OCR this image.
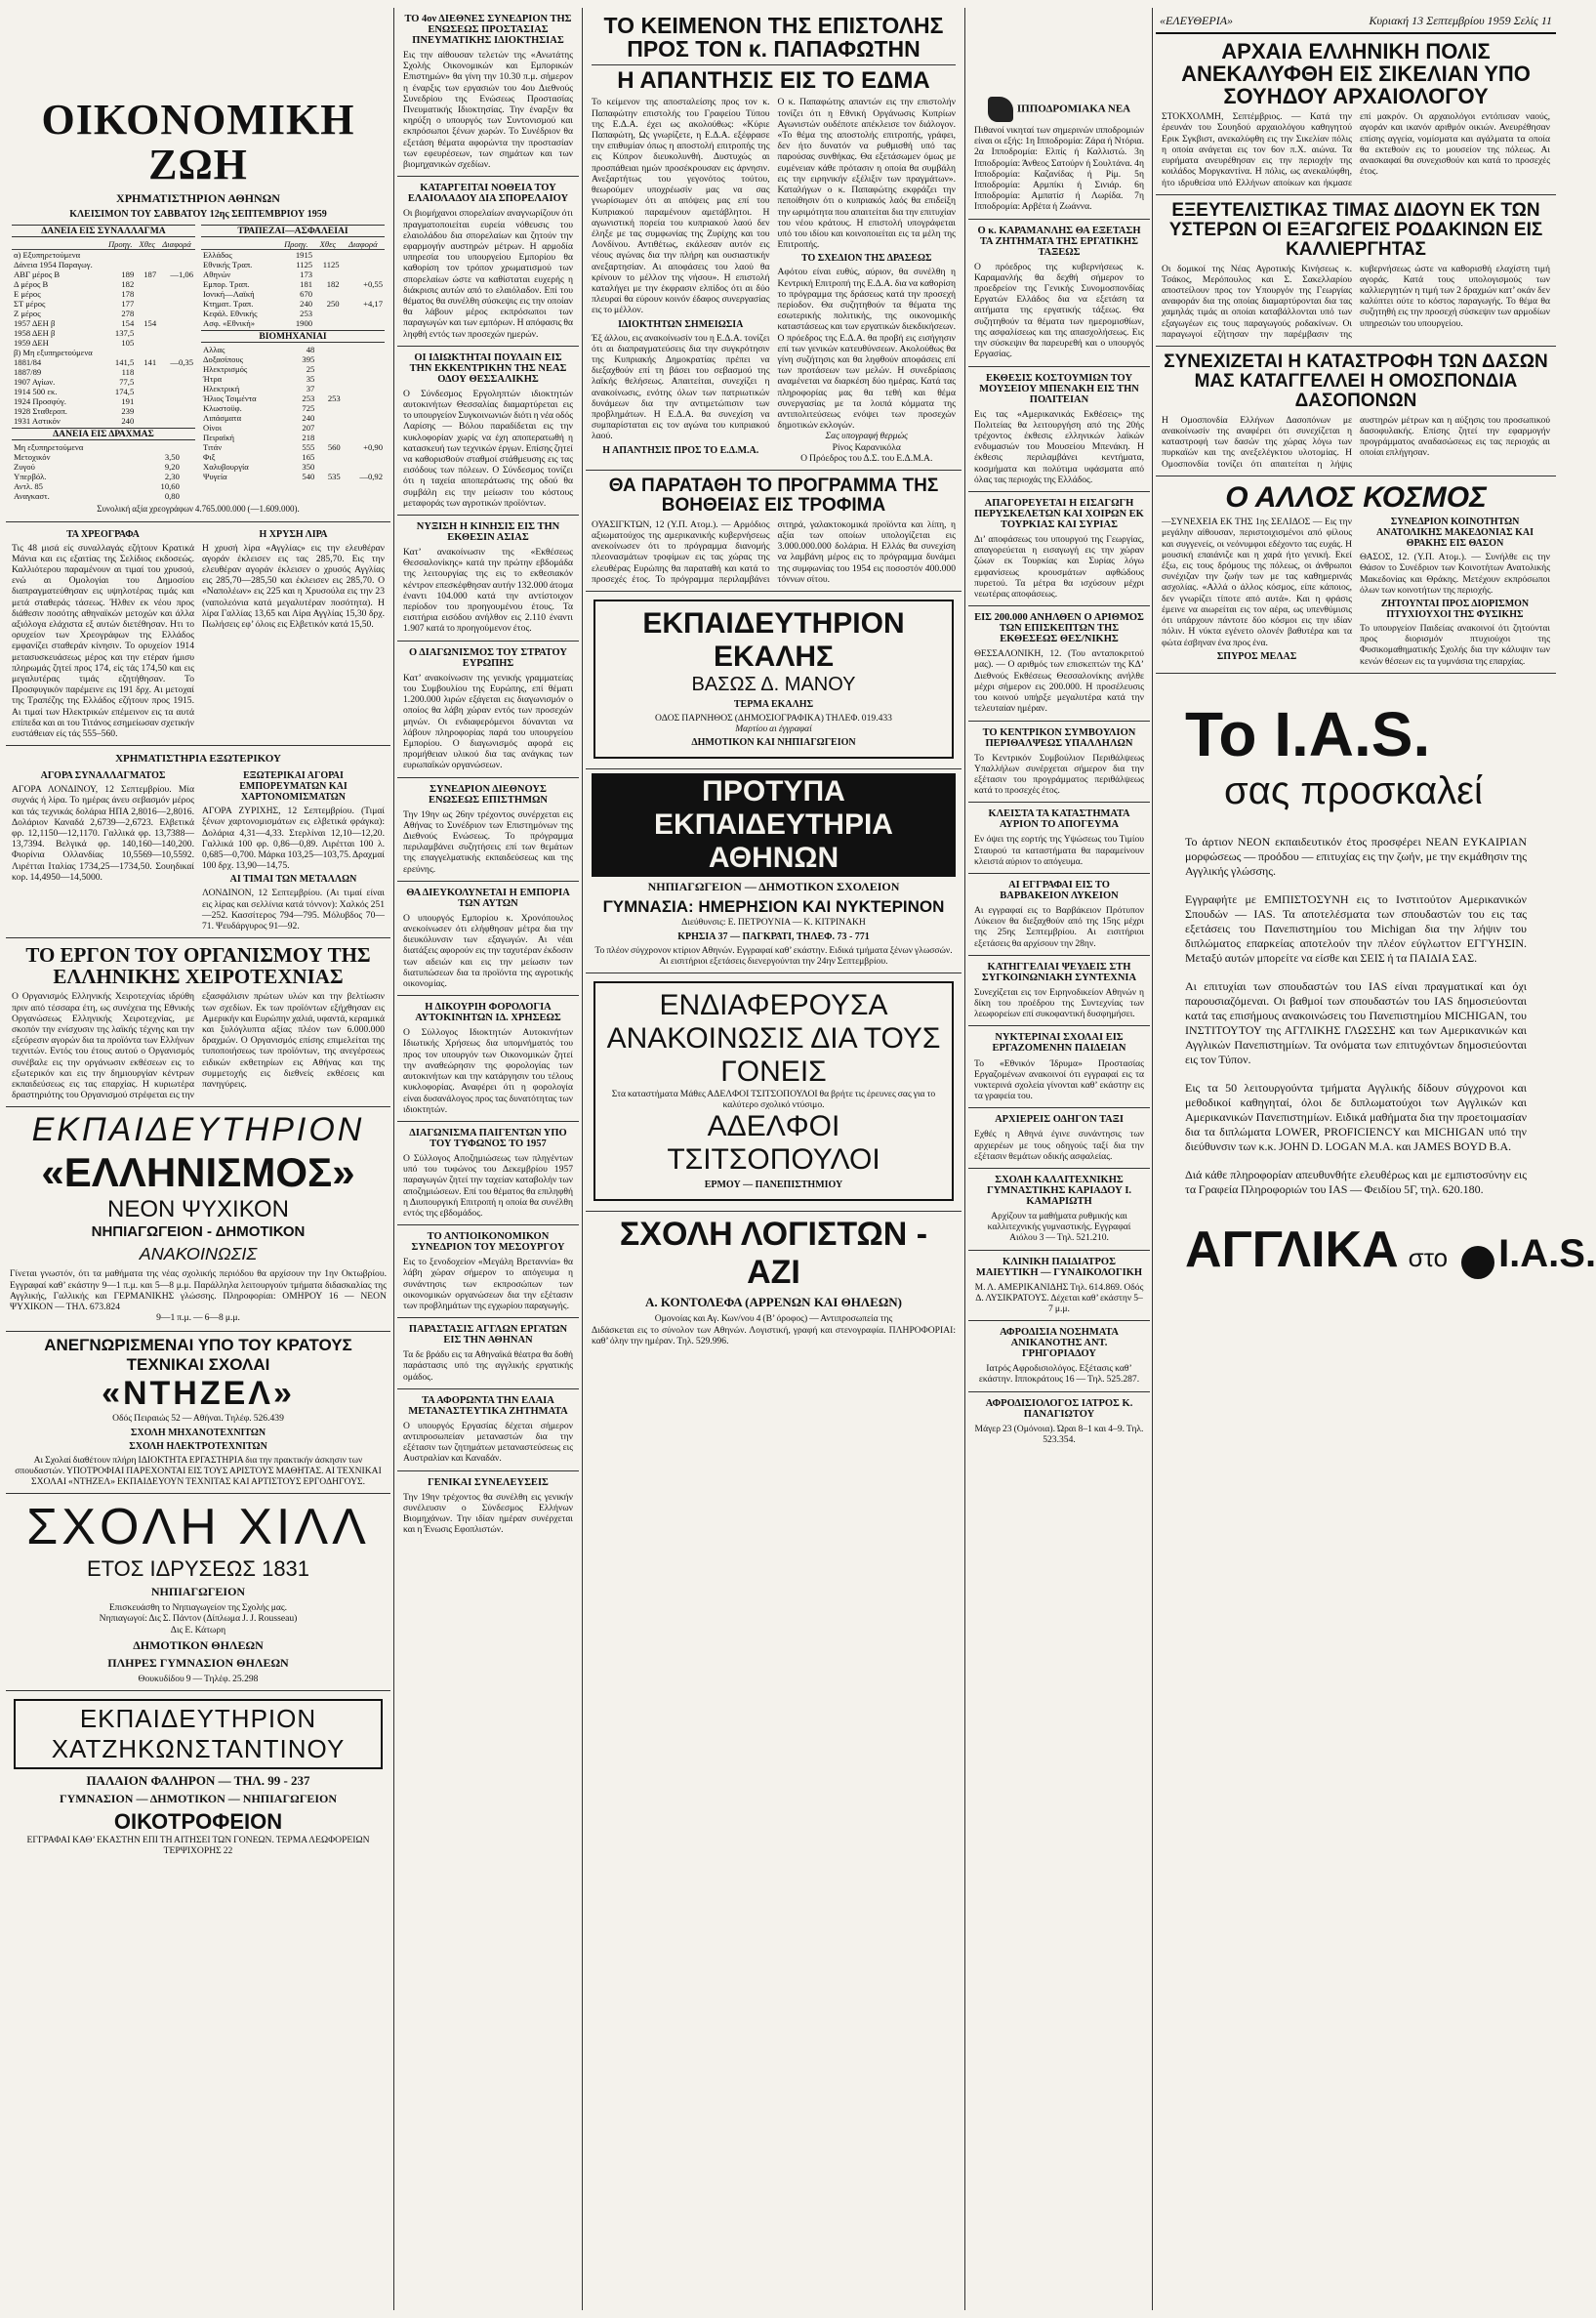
ΟΙΚΟΝΟΜΙΚΗ ΖΩΗ
ΧΡΗΜΑΤΙΣΤΗΡΙΟΝ ΑΘΗΝΩΝ
ΚΛΕΙΣΙΜΟΝ ΤΟΥ ΣΑΒΒΑΤΟΥ 12ης ΣΕΠΤΕΜΒΡΙΟΥ 1959
ΔΑΝΕΙΑ ΕΙΣ ΣΥΝΑΛΛΑΓΜΑ
	Προηγ.	Χθες	Διαφορά
α) Εξυπηρετούμενα			
Δάνεια 1954 Παραγωγ.			
ΑΒΓ μέρος Β	189	187	—1,06
Δ μέρος Β	182		
Ε μέρος	178		
ΣΤ μέρος	177		
Ζ μέρος	278		
1957 ΔΕΗ β	154	154	
1958 ΔΕΗ β	137,5		
1959 ΔΕΗ	105		
β) Μη εξυπηρετούμενα			
1881/84	141,5	141	—0,35
1887/89	118		
1907 Αγίων.	77,5		
1914 500 εκ.	174,5		
1924 Προσφύγ.	191		
1928 Σταθεροπ.	239		
1931 Αστικόν	240		
ΔΑΝΕΙΑ ΕΙΣ ΔΡΑΧΜΑΣ
Μη εξυπηρετούμενα			
Μετοχικόν	3,50		
Ζυγού	9,20		
Υπερβόλ.	2,30		
Αντλ. 85	10,60		
Αναγκαστ.	0,80		
ΤΡΑΠΕΖΑΙ—ΑΣΦΑΛΕΙΑΙ
	Προηγ.	Χθες	Διαφορά
Ελλάδος	1915		
Εθνικής Τραπ.	1125	1125	
Αθηνών	173		
Εμπορ. Τραπ.	181	182	+0,55
Ιονική—Λαϊκή	670		
Κτηματ. Τραπ.	240	250	+4,17
Κεφάλ. Εθνικής	253		
Ασφ. «Εθνική»	1900		
ΒΙΟΜΗΧΑΝΙΑΙ
Αλλας	48		
Δοξασίπους	395		
Ηλεκτρισμός	25		
Ήτρα	35		
Ηλεκτρική	37		
Ήλιος Τσιμέντα	253	253	
Κλωστοϋφ.	725		
Λιπάσματα	240		
Οίνοι	207		
Πειραϊκή	218		
Τιτάν	555	560	+0,90
Φιξ	165		
Χαλυβουργία	350		
Ψυγεία	540	535	—0,92
Συνολική αξία χρεογράφων 4.765.000.000 (—1.609.000).
ΤΑ ΧΡΕΟΓΡΑΦΑ

Τις 48 μισά είς συναλλαγάς εζήτουν Κρατικά Μάνια και εις εξαιτίας της Σελίδιος εκδοσεώς. Καλλιότερου παραμένουν αι τιμαί του χρυσού, ενώ αι Ομολογίαι του Δημοσίου διαπραγματεύθησαν εις υψηλοτέρας τιμάς και μετά σταθεράς τάσεως. Ήλθεν εκ νέου προς διάθεσιν ποσότης αθηναϊκών μετοχών και άλλα αξιόλογα ελάχιστα εξ αυτών διετέθησαν. Ητι το ορυχείον των Χρεογράφων της Ελλάδος εμφανίζει σταθεράν κίνησιν. Το ορυχείον 1914 μετασυσκευάσεως μέρος και την ετέραν ήμισυ πληρωμάς ζητεί προς 174, είς τάς 174,50 και εις μεγαλυτέρας τιμάς εζητήθησαν. Το Προσφυγικόν παρέμεινε εις 191 δρχ. Αι μετοχαί της Τραπέζης της Ελλάδος εζήτουν προς 1915. Αι τιμαί των Ηλεκτρικών επέμεινον εις τα αυτά επίπεδα και αι του Τιτάνος εσημείωσαν σχετικήν ευστάθειαν είς τάς 555–560.

Η ΧΡΥΣΗ ΛΙΡΑ

Η χρυσή λίρα «Αγγλίας» εις την ελευθέραν αγοράν έκλεισεν εις τας 285,70. Εις την ελευθέραν αγοράν έκλεισεν ο χρυσός Αγγλίας εις 285,70—285,50 και έκλεισεν εις 285,70. Ο «Ναπολέων» εις 225 και η Χρυσούλα εις την 23 (ναπολεόνια κατά μεγαλυτέραν ποσότητα). Η λίρα Γαλλίας 13,65 και Λίρα Αγγλίας 15,30 δρχ. Πωλήσεις εφ’ όλοις εις Ελβετικόν κατά 15,50.

ΧΡΗΜΑΤΙΣΤΗΡΙΑ ΕΞΩΤΕΡΙΚΟΥ
ΑΓΟΡΑ ΣΥΝΑΛΛΑΓΜΑΤΟΣ

ΑΓΟΡΑ ΛΟΝΔΙΝΟΥ, 12 Σεπτεμβρίου. Μία συχνάς ή λίρα. Το ημέρας άνευ σεβασμόν μέρος και τάς τεχνικάς δολάρια ΗΠΑ 2,8016—2,8016. Δολάριον Καναδά 2,6739—2,6723. Ελβετικά φρ. 12,1150—12,1170. Γαλλικά φρ. 13,7388—13,7394. Βελγικά φρ. 140,160—140,200. Φιορίνια Ολλανδίας 10,5569—10,5592. Λιρέτται Ιταλίας 1734,25—1734,50. Σουηδικαί κορ. 14,4950—14,5000.

ΕΞΩΤΕΡΙΚΑΙ ΑΓΟΡΑΙ ΕΜΠΟΡΕΥΜΑΤΩΝ ΚΑΙ ΧΑΡΤΟΝΟΜΙΣΜΑΤΩΝ

ΑΓΟΡΑ ΖΥΡΙΧΗΣ, 12 Σεπτεμβρίου. (Τιμαί ξένων χαρτονομισμάτων εις ελβετικά φράγκα): Δολάρια 4,31—4,33. Στερλίναι 12,10—12,20. Γαλλικά 100 φρ. 0,86—0,89. Λιρέτται 100 λ. 0,685—0,700. Μάρκα 103,25—103,75. Δραχμαί 100 δρχ. 13,90—14,75.

ΑΙ ΤΙΜΑΙ ΤΩΝ ΜΕΤΑΛΛΩΝ

ΛΟΝΔΙΝΟΝ, 12 Σεπτεμβρίου. (Αι τιμαί είναι εις λίρας και σελλίνια κατά τόννον): Χαλκός 251—252. Κασσίτερος 794—795. Μόλυβδος 70—71. Ψευδάργυρος 91—92.

ΤΟ ΕΡΓΟΝ ΤΟΥ ΟΡΓΑΝΙΣΜΟΥ ΤΗΣ ΕΛΛΗΝΙΚΗΣ ΧΕΙΡΟΤΕΧΝΙΑΣ

Ο Οργανισμός Ελληνικής Χειροτεχνίας ιδρύθη πριν από τέσσαρα έτη, ως συνέχεια της Εθνικής Οργανώσεως Ελληνικής Χειροτεχνίας, με σκοπόν την ενίσχυσιν της λαϊκής τέχνης και την εξεύρεσιν αγορών δια τα προϊόντα των Ελλήνων τεχνιτών. Εντός του έτους αυτού ο Οργανισμός συνέβαλε εις την οργάνωσιν εκθέσεων εις το εξωτερικόν και εις την δημιουργίαν κέντρων εκπαιδεύσεως εις τας επαρχίας. Η κυριωτέρα δραστηριότης του Οργανισμού στρέφεται εις την εξασφάλισιν πρώτων υλών και την βελτίωσιν των σχεδίων. Εκ των προϊόντων εξήχθησαν εις Αμερικήν και Ευρώπην χαλιά, υφαντά, κεραμικά και ξυλόγλυπτα αξίας πλέον των 6.000.000 δραχμών. Ο Οργανισμός επίσης επιμελείται της τυποποιήσεως των προϊόντων, της ανεγέρσεως ειδικών εκθετηρίων εις Αθήνας και της συμμετοχής εις διεθνείς εκθέσεις και πανηγύρεις.

ΕΚΠΑΙΔΕΥΤΗΡΙΟΝ
«ΕΛΛΗΝΙΣΜΟΣ»
ΝΕΟΝ ΨΥΧΙΚΟΝ
ΝΗΠΙΑΓΩΓΕΙΟΝ - ΔΗΜΟΤΙΚΟΝ
ΑΝΑΚΟΙΝΩΣΙΣ

Γίνεται γνωστόν, ότι τα μαθήματα της νέας σχολικής περιόδου θα αρχίσουν την 1ην Οκτωβρίου. Εγγραφαί καθ’ εκάστην 9—1 π.μ. και 5—8 μ.μ. Παράλληλα λειτουργούν τμήματα διδασκαλίας της Αγγλικής, Γαλλικής και ΓΕΡΜΑΝΙΚΗΣ γλώσσης. Πληροφορίαι: ΟΜΗΡΟΥ 16 — ΝΕΟΝ ΨΥΧΙΚΟΝ — ΤΗΛ. 673.824

9—1 π.μ. — 6—8 μ.μ.
ΑΝΕΓΝΩΡΙΣΜΕΝΑΙ ΥΠΟ ΤΟΥ ΚΡΑΤΟΥΣ
ΤΕΧΝΙΚΑΙ ΣΧΟΛΑΙ
«ΝΤΗΖΕΛ»
Οδός Πειραιώς 52 — Αθήναι. Τηλέφ. 526.439
ΣΧΟΛΗ ΜΗΧΑΝΟΤΕΧΝΙΤΩΝ
ΣΧΟΛΗ ΗΛΕΚΤΡΟΤΕΧΝΙΤΩΝ

Αι Σχολαί διαθέτουν πλήρη ΙΔΙΟΚΤΗΤΑ ΕΡΓΑΣΤΗΡΙΑ δια την πρακτικήν άσκησιν των σπουδαστών. ΥΠΟΤΡΟΦΙΑΙ ΠΑΡΕΧΟΝΤΑΙ ΕΙΣ ΤΟΥΣ ΑΡΙΣΤΟΥΣ ΜΑΘΗΤΑΣ. ΑΙ ΤΕΧΝΙΚΑΙ ΣΧΟΛΑΙ «ΝΤΗΖΕΛ» ΕΚΠΑΙΔΕΥΟΥΝ ΤΕΧΝΙΤΑΣ ΚΑΙ ΑΡΤΙΣΤΟΥΣ ΕΡΓΟΔΗΓΟΥΣ.

ΣΧΟΛΗ ΧΙΛΛ
ΕΤΟΣ ΙΔΡΥΣΕΩΣ 1831
ΝΗΠΙΑΓΩΓΕΙΟΝ
Επισκευάσθη το Νηπιαγωγείον της Σχολής μας.
Νηπιαγωγοί: Δις Σ. Πάντον (Δίπλωμα J. J. Rousseau)
Δις Ε. Κάτωρη
ΔΗΜΟΤΙΚΟΝ ΘΗΛΕΩΝ
ΠΛΗΡΕΣ ΓΥΜΝΑΣΙΟΝ ΘΗΛΕΩΝ
Θουκυδίδου 9 — Τηλέφ. 25.298
ΕΚΠΑΙΔΕΥΤΗΡΙΟΝ ΧΑΤΖΗΚΩΝΣΤΑΝΤΙΝΟΥ
ΠΑΛΑΙΟΝ ΦΑΛΗΡΟΝ — ΤΗΛ. 99 - 237
ΓΥΜΝΑΣΙΟΝ — ΔΗΜΟΤΙΚΟΝ — ΝΗΠΙΑΓΩΓΕΙΟΝ
ΟΙΚΟΤΡΟΦΕΙΟΝ
ΕΓΓΡΑΦΑΙ ΚΑΘ’ ΕΚΑΣΤΗΝ ΕΠΙ ΤΗ ΑΙΤΗΣΕΙ ΤΩΝ ΓΟΝΕΩΝ. ΤΕΡΜΑ ΛΕΩΦΟΡΕΙΩΝ ΤΕΡΨΙΧΟΡΗΣ 22
ΤΟ 4ον ΔΙΕΘΝΕΣ ΣΥΝΕΔΡΙΟΝ ΤΗΣ ΕΝΩΣΕΩΣ ΠΡΟΣΤΑΣΙΑΣ ΠΝΕΥΜΑΤΙΚΗΣ ΙΔΙΟΚΤΗΣΙΑΣ

Εις την αίθουσαν τελετών της «Ανωτάτης Σχολής Οικονομικών και Εμπορικών Επιστημών» θα γίνη την 10.30 π.μ. σήμερον η έναρξις των εργασιών του 4ου Διεθνούς Συνεδρίου της Ενώσεως Προστασίας Πνευματικής Ιδιοκτησίας. Την έναρξιν θα κηρύξη ο υπουργός των Συντονισμού και εκπρόσωποι ξένων χωρών. Το Συνέδριον θα εξετάση θέματα αφορώντα την προστασίαν των εφευρέσεων, των σημάτων και των βιομηχανικών σχεδίων.

ΚΑΤΑΡΓΕΙΤΑΙ ΝΟΘΕΙΑ ΤΟΥ ΕΛΑΙΟΛΑΔΟΥ ΔΙΑ ΣΠΟΡΕΛΑΙΟΥ

Οι βιομήχανοι σπορελαίων αναγνωρίζουν ότι πραγματοποιείται ευρεία νόθευσις του ελαιολάδου δια σπορελαίων και ζητούν την εφαρμογήν αυστηρών μέτρων. Η αρμοδία υπηρεσία του υπουργείου Εμπορίου θα καθορίση τον τρόπον χρωματισμού των σπορελαίων ώστε να καθίσταται ευχερής η διάκρισις αυτών από το ελαιόλαδον. Επί του θέματος θα συνέλθη σύσκεψις εις την οποίαν θα λάβουν μέρος εκπρόσωποι των παραγωγών και των εμπόρων. Η απόφασις θα ληφθή εντός των προσεχών ημερών.

ΟΙ ΙΔΙΩΚΤΗΤΑΙ ΠΟΥΛΑΙΝ ΕΙΣ ΤΗΝ ΕΚΚΕΝΤΡΙΚΗΝ ΤΗΣ ΝΕΑΣ ΟΔΟΥ ΘΕΣΣΑΛΙΚΗΣ

Ο Σύνδεσμος Εργοληπτών ιδιοκτητών αυτοκινήτων Θεσσαλίας διαμαρτύρεται εις το υπουργείον Συγκοινωνιών διότι η νέα οδός Λαρίσης — Βόλου παραδίδεται εις την κυκλοφορίαν χωρίς να έχη αποπερατωθή η κατασκευή των τεχνικών έργων. Επίσης ζητεί να καθορισθούν σταθμοί στάθμευσης εις τας εισόδους των πόλεων. Ο Σύνδεσμος τονίζει ότι η ταχεία αποπεράτωσις της οδού θα συμβάλη εις την μείωσιν του κόστους μεταφοράς των αγροτικών προϊόντων.

ΝΥΞΙΣΗ Η ΚΙΝΗΣΙΣ ΕΙΣ ΤΗΝ ΕΚΘΕΣΙΝ ΑΣΙΑΣ

Κατ’ ανακοίνωσιν της «Εκθέσεως Θεσσαλονίκης» κατά την πρώτην εβδομάδα της λειτουργίας της εις το εκθεσιακόν κέντρον επεσκέφθησαν αυτήν 132.000 άτομα έναντι 104.000 κατά την αντίστοιχον περίοδον του προηγουμένου έτους. Τα εισιτήρια εισόδου ανήλθον εις 2.110 έναντι 1.907 κατά το προηγούμενον έτος.

Ο ΔΙΑΓΩΝΙΣΜΟΣ ΤΟΥ ΣΤΡΑΤΟΥ ΕΥΡΩΠΗΣ

Κατ’ ανακοίνωσιν της γενικής γραμματείας του Συμβουλίου της Ευρώπης, επί θέματι 1.200.000 λιρών εξάγεται εις διαγωνισμόν ο οποίος θα λάβη χώραν εντός των προσεχών μηνών. Οι ενδιαφερόμενοι δύνανται να λάβουν πληροφορίας παρά του υπουργείου Εμπορίου. Ο διαγωνισμός αφορά εις προμήθειαν υλικού δια τας ανάγκας των ευρωπαϊκών οργανώσεων.

ΣΥΝΕΔΡΙΟΝ ΔΙΕΘΝΟΥΣ ΕΝΩΣΕΩΣ ΕΠΙΣΤΗΜΩΝ

Την 19ην ως 26ην τρέχοντος συνέρχεται εις Αθήνας το Συνέδριον των Επιστημόνων της Διεθνούς Ενώσεως. Το πρόγραμμα περιλαμβάνει συζητήσεις επί των θεμάτων της επαγγελματικής εκπαιδεύσεως και της ερεύνης.

ΘΑ ΔΙΕΥΚΟΛΥΝΕΤΑΙ Η ΕΜΠΟΡΙΑ ΤΩΝ ΑΥΤΩΝ

Ο υπουργός Εμπορίου κ. Χρονόπουλος ανεκοίνωσεν ότι ελήφθησαν μέτρα δια την διευκόλυνσιν των εξαγωγών. Αι νέαι διατάξεις αφορούν εις την ταχυτέραν έκδοσιν των αδειών και εις την μείωσιν των διατυπώσεων δια τα προϊόντα της αγροτικής οικονομίας.

Η ΔΙΚΟΥΡΙΗ ΦΟΡΟΛΟΓΙΑ ΑΥΤΟΚΙΝΗΤΩΝ ΙΔ. ΧΡΗΣΕΩΣ

Ο Σύλλογος Ιδιοκτητών Αυτοκινήτων Ιδιωτικής Χρήσεως δια υπομνήματός του προς τον υπουργόν των Οικονομικών ζητεί την αναθεώρησιν της φορολογίας των αυτοκινήτων και την κατάργησιν του τέλους κυκλοφορίας. Αναφέρει ότι η φορολογία είναι δυσανάλογος προς τας δυνατότητας των ιδιοκτητών.

ΔΙΑΓΩΝΙΣΜΑ ΠΑΙΓΕΝΤΩΝ ΥΠΟ ΤΟΥ ΤΥΦΩΝΟΣ ΤΟ 1957

Ο Σύλλογος Αποζημιώσεως των πληγέντων υπό του τυφώνος του Δεκεμβρίου 1957 παραγωγών ζητεί την ταχείαν καταβολήν των αποζημιώσεων. Επί του θέματος θα επιληφθή η Διυπουργική Επιτροπή η οποία θα συνέλθη εντός της εβδομάδος.

ΤΟ ΑΝΤΙΟΙΚΟΝΟΜΙΚΟΝ ΣΥΝΕΔΡΙΟΝ ΤΟΥ ΜΕΣΟΥΡΓΟΥ

Εις το ξενοδοχείον «Μεγάλη Βρεταννία» θα λάβη χώραν σήμερον το απόγευμα η συνάντησις των εκπροσώπων των οικονομικών οργανώσεων δια την εξέτασιν των προβλημάτων της εγχωρίου παραγωγής.

ΠΑΡΑΣΤΑΣΙΣ ΑΓΓΛΩΝ ΕΡΓΑΤΩΝ ΕΙΣ ΤΗΝ ΑΘΗΝΑΝ

Τα δε βράδυ εις τα Αθηναϊκά θέατρα θα δοθή παράστασις υπό της αγγλικής εργατικής ομάδος.

ΤΑ ΑΦΟΡΩΝΤΑ ΤΗΝ ΕΛΑΙΑ ΜΕΤΑΝΑΣΤΕΥΤΙΚΑ ΖΗΤΗΜΑΤΑ

Ο υπουργός Εργασίας δέχεται σήμερον αντιπροσωπείαν μεταναστών δια την εξέτασιν των ζητημάτων μεταναστεύσεως εις Αυστραλίαν και Καναδάν.

ΓΕΝΙΚΑΙ ΣΥΝΕΛΕΥΣΕΙΣ

Την 19ην τρέχοντος θα συνέλθη εις γενικήν συνέλευσιν ο Σύνδεσμος Ελλήνων Βιομηχάνων. Την ιδίαν ημέραν συνέρχεται και η Ένωσις Εφοπλιστών.

ΤΟ ΚΕΙΜΕΝΟΝ ΤΗΣ ΕΠΙΣΤΟΛΗΣ ΠΡΟΣ ΤΟΝ κ. ΠΑΠΑΦΩΤΗΝ
Η ΑΠΑΝΤΗΣΙΣ ΕΙΣ ΤΟ ΕΔΜΑ

Το κείμενον της αποσταλείσης προς τον κ. Παπαφώτην επιστολής του Γραφείου Τύπου της Ε.Δ.Α. έχει ως ακολούθως: «Κύριε Παπαφώτη, Ως γνωρίζετε, η Ε.Δ.Α. εξέφρασε την επιθυμίαν όπως η αποστολή επιτροπής της εις Κύπρον διευκολυνθή. Δυστυχώς αι προσπάθειαι ημών προσέκρουσαν εις άρνησιν. Ανεξαρτήτως του γεγονότος τούτου, θεωρούμεν υποχρέωσίν μας να σας γνωρίσωμεν ότι αι απόψεις μας επί του Κυπριακού παραμένουν αμετάβλητοι. Η αγωνιστική πορεία του κυπριακού λαού δεν έληξε με τας συμφωνίας της Ζυρίχης και του Λονδίνου. Αντιθέτως, εκάλεσαν αυτόν εις νέους αγώνας δια την πλήρη και ουσιαστικήν ανεξαρτησίαν. Αι αποφάσεις του λαού θα κρίνουν το μέλλον της νήσου». Η επιστολή καταλήγει με την έκφρασιν ελπίδος ότι αι δύο πλευραί θα εύρουν κοινόν έδαφος συνεργασίας εις το μέλλον.

ΙΔΙΟΚΤΗΤΩΝ ΣΗΜΕΙΩΣΙΑ

Έξ άλλου, εις ανακοίνωσίν του η Ε.Δ.Α. τονίζει ότι αι διαπραγματεύσεις δια την συγκρότησιν της Κυπριακής Δημοκρατίας πρέπει να διεξαχθούν επί τη βάσει του σεβασμού της λαϊκής θελήσεως. Απαιτείται, συνεχίζει η ανακοίνωσις, ενότης όλων των πατριωτικών δυνάμεων δια την αντιμετώπισιν των προβλημάτων. Η Ε.Δ.Α. θα συνεχίση να συμπαρίσταται εις τον αγώνα του κυπριακού λαού.

Η ΑΠΑΝΤΗΣΙΣ ΠΡΟΣ ΤΟ Ε.Δ.Μ.Α.

Ο κ. Παπαφώτης απαντών εις την επιστολήν τονίζει ότι η Εθνική Οργάνωσις Κυπρίων Αγωνιστών ουδέποτε απέκλεισε τον διάλογον. «Το θέμα της αποστολής επιτροπής, γράφει, δεν ήτο δυνατόν να ρυθμισθή υπό τας παρούσας συνθήκας. Θα εξετάσωμεν όμως με ευμένειαν κάθε πρότασιν η οποία θα συμβάλη εις την ειρηνικήν εξέλιξιν των πραγμάτων». Καταλήγων ο κ. Παπαφώτης εκφράζει την πεποίθησιν ότι ο κυπριακός λαός θα επιδείξη την ωριμότητα που απαιτείται δια την επιτυχίαν του νέου κράτους. Η επιστολή υπογράφεται υπό του ιδίου και κοινοποιείται εις τα μέλη της Επιτροπής.

ΤΟ ΣΧΕΔΙΟΝ ΤΗΣ ΔΡΑΣΕΩΣ

Αφότου είναι ευθύς, αύριον, θα συνέλθη η Κεντρική Επιτροπή της Ε.Δ.Α. δια να καθορίση το πρόγραμμα της δράσεως κατά την προσεχή περίοδον. Θα συζητηθούν τα θέματα της εσωτερικής πολιτικής, της οικονομικής καταστάσεως και των εργατικών διεκδικήσεων. Ο πρόεδρος της Ε.Δ.Α. θα προβή εις εισήγησιν επί των γενικών κατευθύνσεων. Ακολούθως θα γίνη συζήτησις και θα ληφθούν αποφάσεις επί των προτάσεων των μελών. Η συνεδρίασις αναμένεται να διαρκέση δύο ημέρας. Κατά τας πληροφορίας μας θα τεθή και θέμα συνεργασίας με τα λοιπά κόμματα της αντιπολιτεύσεως ενόψει των προσεχών δημοτικών εκλογών.

Σας υπογραφή θερμώς
Ρίνος Καρανικόλα
Ο Πρόεδρος του Δ.Σ. του Ε.Δ.Μ.Α.
ΘΑ ΠΑΡΑΤΑΘΗ ΤΟ ΠΡΟΓΡΑΜΜΑ ΤΗΣ ΒΟΗΘΕΙΑΣ ΕΙΣ ΤΡΟΦΙΜΑ

ΟΥΑΣΙΓΚΤΩΝ, 12 (Υ.Π. Ατομ.). — Αρμόδιος αξιωματούχος της αμερικανικής κυβερνήσεως ανεκοίνωσεν ότι το πρόγραμμα διανομής πλεονασμάτων τροφίμων εις τας χώρας της ελευθέρας Ευρώπης θα παραταθή και κατά το προσεχές έτος. Το πρόγραμμα περιλαμβάνει σιτηρά, γαλακτοκομικά προϊόντα και λίπη, η αξία των οποίων υπολογίζεται εις 3.000.000.000 δολάρια. Η Ελλάς θα συνεχίση να λαμβάνη μέρος εις το πρόγραμμα δυνάμει της συμφωνίας του 1954 εις ποσοστόν 400.000 τόννων σίτου.

ΕΚΠΑΙΔΕΥΤΗΡΙΟΝ ΕΚΑΛΗΣ
ΒΑΣΩΣ Δ. ΜΑΝΟΥ
ΤΕΡΜΑ ΕΚΑΛΗΣ
ΟΔΟΣ ΠΑΡΝΗΘΟΣ (ΔΗΜΟΣΙΟΓΡΑΦΙΚΑ) ΤΗΛΕΦ. 019.433
Μαρτίου αι έγγραφαί
ΔΗΜΟΤΙΚΟΝ ΚΑΙ ΝΗΠΙΑΓΩΓΕΙΟΝ
ΠΡΟΤΥΠΑ ΕΚΠΑΙΔΕΥΤΗΡΙΑ ΑΘΗΝΩΝ
ΝΗΠΙΑΓΩΓΕΙΟΝ — ΔΗΜΟΤΙΚΟΝ ΣΧΟΛΕΙΟΝ
ΓΥΜΝΑΣΙΑ: ΗΜΕΡΗΣΙΟΝ ΚΑΙ ΝΥΚΤΕΡΙΝΟΝ
Διεύθυνσις: Ε. ΠΕΤΡΟΥΝΙΑ — Κ. ΚΙΤΡΙΝΑΚΗ
ΚΡΗΣΙΑ 37 — ΠΑΓΚΡΑΤΙ, ΤΗΛΕΦ. 73 - 771

Το πλέον σύγχρονον κτίριον Αθηνών. Εγγραφαί καθ’ εκάστην. Ειδικά τμήματα ξένων γλωσσών. Αι εισιτήριοι εξετάσεις διενεργούνται την 24ην Σεπτεμβρίου.

ΕΝΔΙΑΦΕΡΟΥΣΑ ΑΝΑΚΟΙΝΩΣΙΣ ΔΙΑ ΤΟΥΣ ΓΟΝΕΙΣ

Στα καταστήματα Μάθες ΑΔΕΛΦΟΙ ΤΣΙΤΣΟΠΟΥΛΟΙ θα βρήτε τις έρευνες σας για το καλύτερο σχολικό ντύσιμο.

ΑΔΕΛΦΟΙ ΤΣΙΤΣΟΠΟΥΛΟΙ
ΕΡΜΟΥ — ΠΑΝΕΠΙΣΤΗΜΙΟΥ
ΣΧΟΛΗ ΛΟΓΙΣΤΩΝ - ΑΖΙ
Α. ΚΟΝΤΟΛΕΦΑ (ΑΡΡΕΝΩΝ ΚΑΙ ΘΗΛΕΩΝ)
Ομονοίας και Αγ. Κων/νου 4 (Β’ όροφος) — Αντιπροσωπεία της

Διδάσκεται εις το σύνολον των Αθηνών. Λογιστική, γραφή και στενογραφία. ΠΛΗΡΟΦΟΡΙΑΙ: καθ’ όλην την ημέραν. Τηλ. 529.996.

ΙΠΠΟΔΡΟΜΙΑΚΑ ΝΕΑ

Πιθανοί νικηταί των σημερινών ιπποδρομιών είναι οι εξής: 1η Ιπποδρομία: Ζάρα ή Ντόρια. 2α Ιπποδρομία: Ελπίς ή Καλλιστώ. 3η Ιπποδρομία: Άνθεος Σατούρν ή Σουλτάνα. 4η Ιπποδρομία: Καζανίδας ή Ρίμ. 5η Ιπποδρομία: Αρμπίκι ή Σινιάρ. 6η Ιπποδρομία: Αμπατίσ ή Λωρίδα. 7η Ιπποδρομία: Αρβέτα ή Ζωάννα.

Ο κ. ΚΑΡΑΜΑΝΛΗΣ ΘΑ ΕΞΕΤΑΣΗ ΤΑ ΖΗΤΗΜΑΤΑ ΤΗΣ ΕΡΓΑΤΙΚΗΣ ΤΑΞΕΩΣ

Ο πρόεδρος της κυβερνήσεως κ. Καραμανλής θα δεχθή σήμερον το προεδρείον της Γενικής Συνομοσπονδίας Εργατών Ελλάδος δια να εξετάση τα αιτήματα της εργατικής τάξεως. Θα συζητηθούν τα θέματα των ημερομισθίων, της ασφαλίσεως και της απασχολήσεως. Εις την σύσκεψιν θα παρευρεθή και ο υπουργός Εργασίας.

ΕΚΘΕΣΙΣ ΚΟΣΤΟΥΜΙΩΝ ΤΟΥ ΜΟΥΣΕΙΟΥ ΜΠΕΝΑΚΗ ΕΙΣ ΤΗΝ ΠΟΛΙΤΕΙΑΝ

Εις τας «Αμερικανικάς Εκθέσεις» της Πολιτείας θα λειτουργήση από της 20ής τρέχοντος έκθεσις ελληνικών λαϊκών ενδυμασιών του Μουσείου Μπενάκη. Η έκθεσις περιλαμβάνει κεντήματα, κοσμήματα και πολύτιμα υφάσματα από όλας τας περιοχάς της Ελλάδος.

ΑΠΑΓΟΡΕΥΕΤΑΙ Η ΕΙΣΑΓΩΓΗ ΠΕΡΥΣΚΕΛΕΤΩΝ ΚΑΙ ΧΟΙΡΩΝ ΕΚ ΤΟΥΡΚΙΑΣ ΚΑΙ ΣΥΡΙΑΣ

Δι’ αποφάσεως του υπουργού της Γεωργίας, απαγορεύεται η εισαγωγή εις την χώραν ζώων εκ Τουρκίας και Συρίας λόγω εμφανίσεως κρουσμάτων αφθώδους πυρετού. Τα μέτρα θα ισχύσουν μέχρι νεωτέρας αποφάσεως.

ΕΙΣ 200.000 ΑΝΗΛΘΕΝ Ο ΑΡΙΘΜΟΣ ΤΩΝ ΕΠΙΣΚΕΠΤΩΝ ΤΗΣ ΕΚΘΕΣΕΩΣ ΘΕΣ/ΝΙΚΗΣ

ΘΕΣΣΑΛΟΝΙΚΗ, 12. (Του ανταποκριτού μας). — Ο αριθμός των επισκεπτών της ΚΔ’ Διεθνούς Εκθέσεως Θεσσαλονίκης ανήλθε μέχρι σήμερον εις 200.000. Η προσέλευσις του κοινού υπήρξε μεγαλυτέρα κατά την τελευταίαν ημέραν.

ΤΟ ΚΕΝΤΡΙΚΟΝ ΣΥΜΒΟΥΛΙΟΝ ΠΕΡΙΘΑΛΨΕΩΣ ΥΠΑΛΛΗΛΩΝ

Το Κεντρικόν Συμβούλιον Περιθάλψεως Υπαλλήλων συνέρχεται σήμερον δια την εξέτασιν του προγράμματος περιθάλψεως κατά το προσεχές έτος.

ΚΛΕΙΣΤΑ ΤΑ ΚΑΤΑΣΤΗΜΑΤΑ ΑΥΡΙΟΝ ΤΟ ΑΠΟΓΕΥΜΑ

Εν όψει της εορτής της Υψώσεως του Τιμίου Σταυρού τα καταστήματα θα παραμείνουν κλειστά αύριον το απόγευμα.

ΑΙ ΕΓΓΡΑΦΑΙ ΕΙΣ ΤΟ ΒΑΡΒΑΚΕΙΟΝ ΛΥΚΕΙΟΝ

Αι εγγραφαί εις το Βαρβάκειον Πρότυπον Λύκειον θα διεξαχθούν από της 15ης μέχρι της 25ης Σεπτεμβρίου. Αι εισιτήριοι εξετάσεις θα αρχίσουν την 28ην.

ΚΑΤΗΓΓΕΛΙΑΙ ΨΕΥΔΕΙΣ ΣΤΗ ΣΥΓΚΟΙΝΩΝΙΑΚΗ ΣΥΝΤΕΧΝΙΑ

Συνεχίζεται εις τον Ειρηνοδικείον Αθηνών η δίκη του προέδρου της Συντεχνίας των λεωφορείων επί συκοφαντική δυσφημήσει.

ΝΥΚΤΕΡΙΝΑΙ ΣΧΟΛΑΙ ΕΙΣ ΕΡΓΑΖΟΜΕΝΗΝ ΠΑΙΔΕΙΑΝ

Το «Εθνικόν Ίδρυμα» Προστασίας Εργαζομένων ανακοινοί ότι εγγραφαί εις τα νυκτερινά σχολεία γίνονται καθ’ εκάστην εις τα γραφεία του.

ΑΡΧΙΕΡΕΙΣ ΟΔΗΓΟΝ ΤΑΞΙ

Εχθές η Αθηνά έγινε συνάντησις των αρχιερέων με τους οδηγούς ταξί δια την εξέτασιν θεμάτων οδικής ασφαλείας.

ΣΧΟΛΗ ΚΑΛΛΙΤΕΧΝΙΚΗΣ ΓΥΜΝΑΣΤΙΚΗΣ ΚΑΡΙΑΔΟΥ Ι. ΚΑΜΑΡΙΩΤΗ

Αρχίζουν τα μαθήματα ρυθμικής και καλλιτεχνικής γυμναστικής. Εγγραφαί Αιόλου 3 — Τηλ. 521.210.

ΚΛΙΝΙΚΗ ΠΑΙΔΙΑΤΡΟΣ ΜΑΙΕΥΤΙΚΗ — ΓΥΝΑΙΚΟΛΟΓΙΚΗ

Μ. Λ. ΑΜΕΡΙΚΑΝΙΔΗΣ Τηλ. 614.869. Οδός Δ. ΛΥΣΙΚΡΑΤΟΥΣ. Δέχεται καθ’ εκάστην 5–7 μ.μ.

ΑΦΡΟΔΙΣΙΑ ΝΟΣΗΜΑΤΑ ΑΝΙΚΑΝΟΤΗΣ ΑΝΤ. ΓΡΗΓΟΡΙΑΔΟΥ

Ιατρός Αφροδισιολόγος. Εξέτασις καθ’ εκάστην. Ιπποκράτους 16 — Τηλ. 525.287.

ΑΦΡΟΔΙΣΙΟΛΟΓΟΣ ΙΑΤΡΟΣ Κ. ΠΑΝΑΓΙΩΤΟΥ

Μάγερ 23 (Ομόνοια). Ώραι 8–1 και 4–9. Τηλ. 523.354.

«ΕΛΕΥΘΕΡΙΑ»	Κυριακή 13 Σεπτεμβρίου 1959 Σελίς 11
ΑΡΧΑΙΑ ΕΛΛΗΝΙΚΗ ΠΟΛΙΣ ΑΝΕΚΑΛΥΦΘΗ ΕΙΣ ΣΙΚΕΛΙΑΝ ΥΠΟ ΣΟΥΗΔΟΥ ΑΡΧΑΙΟΛΟΓΟΥ

ΣΤΟΚΧΟΛΜΗ, Σεπτέμβριος. — Κατά την έρευνάν του Σουηδού αρχαιολόγου καθηγητού Ερικ Σγκβιστ, ανεκαλύφθη εις την Σικελίαν πόλις η οποία ανάγεται εις τον 6ον π.Χ. αιώνα. Τα ευρήματα ανευρέθησαν εις την περιοχήν της κοιλάδος Μοργκαντίνα. Η πόλις, ως ανεκαλύφθη, ήτο ιδρυθείσα υπό Ελλήνων αποίκων και ήκμασε επί μακρόν. Οι αρχαιολόγοι εντόπισαν ναούς, αγοράν και ικανόν αριθμόν οικιών. Ανευρέθησαν επίσης αγγεία, νομίσματα και αγάλματα τα οποία θα εκτεθούν εις το μουσείον της πόλεως. Αι ανασκαφαί θα συνεχισθούν και κατά το προσεχές έτος.

ΕΞΕΥΤΕΛΙΣΤΙΚΑΣ ΤΙΜΑΣ ΔΙΔΟΥΝ ΕΚ ΤΩΝ ΥΣΤΕΡΩΝ ΟΙ ΕΞΑΓΩΓΕΙΣ ΡΟΔΑΚΙΝΩΝ ΕΙΣ ΚΑΛΛΙΕΡΓΗΤΑΣ

Οι δομικοί της Νέας Αγροτικής Κινήσεως κ. Τσάκος, Μερόπουλος και Σ. Σακελλαρίου αποστείλουν προς τον Υπουργόν της Γεωργίας αναφοράν δια της οποίας διαμαρτύρονται δια τας χαμηλάς τιμάς αι οποίαι καταβάλλονται υπό των εξαγωγέων εις τους παραγωγούς ροδακίνων. Οι παραγωγοί εζήτησαν την παρέμβασιν της κυβερνήσεως ώστε να καθορισθή ελαχίστη τιμή αγοράς. Κατά τους υπολογισμούς των καλλιεργητών η τιμή των 2 δραχμών κατ’ οκάν δεν καλύπτει ούτε το κόστος παραγωγής. Το θέμα θα συζητηθή εις την προσεχή σύσκεψιν των αρμοδίων υπηρεσιών του υπουργείου.

ΣΥΝΕΧΙΖΕΤΑΙ Η ΚΑΤΑΣΤΡΟΦΗ ΤΩΝ ΔΑΣΩΝ ΜΑΣ ΚΑΤΑΓΓΕΛΛΕΙ Η ΟΜΟΣΠΟΝΔΙΑ ΔΑΣΟΠΟΝΩΝ

Η Ομοσπονδία Ελλήνων Δασοπόνων με ανακοίνωσίν της αναφέρει ότι συνεχίζεται η καταστροφή των δασών της χώρας λόγω των πυρκαϊών και της ανεξελέγκτου υλοτομίας. Η Ομοσπονδία τονίζει ότι απαιτείται η λήψις αυστηρών μέτρων και η αύξησις του προσωπικού δασοφυλακής. Επίσης ζητεί την εφαρμογήν προγράμματος αναδασώσεως εις τας περιοχάς αι οποίαι επλήγησαν.

Ο ΑΛΛΟΣ ΚΟΣΜΟΣ

—ΣΥΝΕΧΕΙΑ ΕΚ ΤΗΣ 1ης ΣΕΛΙΔΟΣ — Εις την μεγάλην αίθουσαν, περιστοιχισμένοι από φίλους και συγγενείς, οι νεόνυμφοι εδέχοντο τας ευχάς. Η μουσική επαιάνιζε και η χαρά ήτο γενική. Εκεί έξω, εις τους δρόμους της πόλεως, οι άνθρωποι συνέχιζαν την ζωήν των με τας καθημερινάς ασχολίας. «Αλλά ο άλλος κόσμος, είπε κάποιος, δεν γνωρίζει τίποτε από αυτά». Και η φράσις έμεινε να αιωρείται εις τον αέρα, ως υπενθύμισις ότι υπάρχουν πάντοτε δύο κόσμοι εις την ιδίαν πόλιν. Η νύκτα εγένετο ολονέν βαθυτέρα και τα φώτα έσβηναν ένα προς ένα.

ΣΠΥΡΟΣ ΜΕΛΑΣ
ΣΥΝΕΔΡΙΟΝ ΚΟΙΝΟΤΗΤΩΝ ΑΝΑΤΟΛΙΚΗΣ ΜΑΚΕΔΟΝΙΑΣ ΚΑΙ ΘΡΑΚΗΣ ΕΙΣ ΘΑΣΟΝ

ΘΑΣΟΣ, 12. (Υ.Π. Ατομ.). — Συνήλθε εις την Θάσον το Συνέδριον των Κοινοτήτων Ανατολικής Μακεδονίας και Θράκης. Μετέχουν εκπρόσωποι όλων των κοινοτήτων της περιοχής.

ΖΗΤΟΥΝΤΑΙ ΠΡΟΣ ΔΙΟΡΙΣΜΟΝ ΠΤΥΧΙΟΥΧΟΙ ΤΗΣ ΦΥΣΙΚΗΣ

Το υπουργείον Παιδείας ανακοινοί ότι ζητούνται προς διορισμόν πτυχιούχοι της Φυσικομαθηματικής Σχολής δια την κάλυψιν των κενών θέσεων εις τα γυμνάσια της επαρχίας.

To I.A.S.
σας προσκαλεί

Το άρτιον ΝΕΟΝ εκπαιδευτικόν έτος προσφέρει ΝΕΑΝ ΕΥΚΑΙΡΙΑΝ μορφώσεως — προόδου — επιτυχίας εις την ζωήν, με την εκμάθησιν της Αγγλικής γλώσσης.

Εγγραφήτε με ΕΜΠΙΣΤΟΣΥΝΗ εις το Ινστιτούτον Αμερικανικών Σπουδών — IAS. Τα αποτελέσματα των σπουδαστών του εις τας εξετάσεις του Πανεπιστημίου του Michigan δια την λήψιν του διπλώματος επαρκείας αποτελούν την πλέον εύγλωττον ΕΓΓΥΗΣΙΝ. Μεταξύ αυτών μπορείτε να είσθε και ΣΕΙΣ ή τα ΠΑΙΔΙΑ ΣΑΣ.

Αι επιτυχίαι των σπουδαστών του IAS είναι πραγματικαί και όχι παρουσιαζόμεναι. Οι βαθμοί των σπουδαστών του IAS δημοσιεύονται κατά τας επισήμους ανακοινώσεις του Πανεπιστημίου MICHIGAN, του ΙΝΣΤΙΤΟΥΤΟΥ της ΑΓΓΛΙΚΗΣ ΓΛΩΣΣΗΣ και των Αμερικανικών και Αγγλικών Πανεπιστημίων. Τα ονόματα των επιτυχόντων δημοσιεύονται εις τον Τύπον.

Εις τα 50 λειτουργούντα τμήματα Αγγλικής δίδουν σύγχρονοι και μεθοδικοί καθηγηταί, όλοι δε διπλωματούχοι των Αγγλικών και Αμερικανικών Πανεπιστημίων. Ειδικά μαθήματα δια την προετοιμασίαν δια τα διπλώματα LOWER, PROFICIENCY και MICHIGAN υπό την διεύθυνσιν των κ.κ. JOHN D. LOGAN M.A. και JAMES BOYD B.A.

Διά κάθε πληροφορίαν απευθυνθήτε ελευθέρως και με εμπιστοσύνην εις τα Γραφεία Πληροφοριών του IAS — Φειδίου 5Γ, τηλ. 620.180.

ΑΓΓΛΙΚΑ στο I.A.S.
